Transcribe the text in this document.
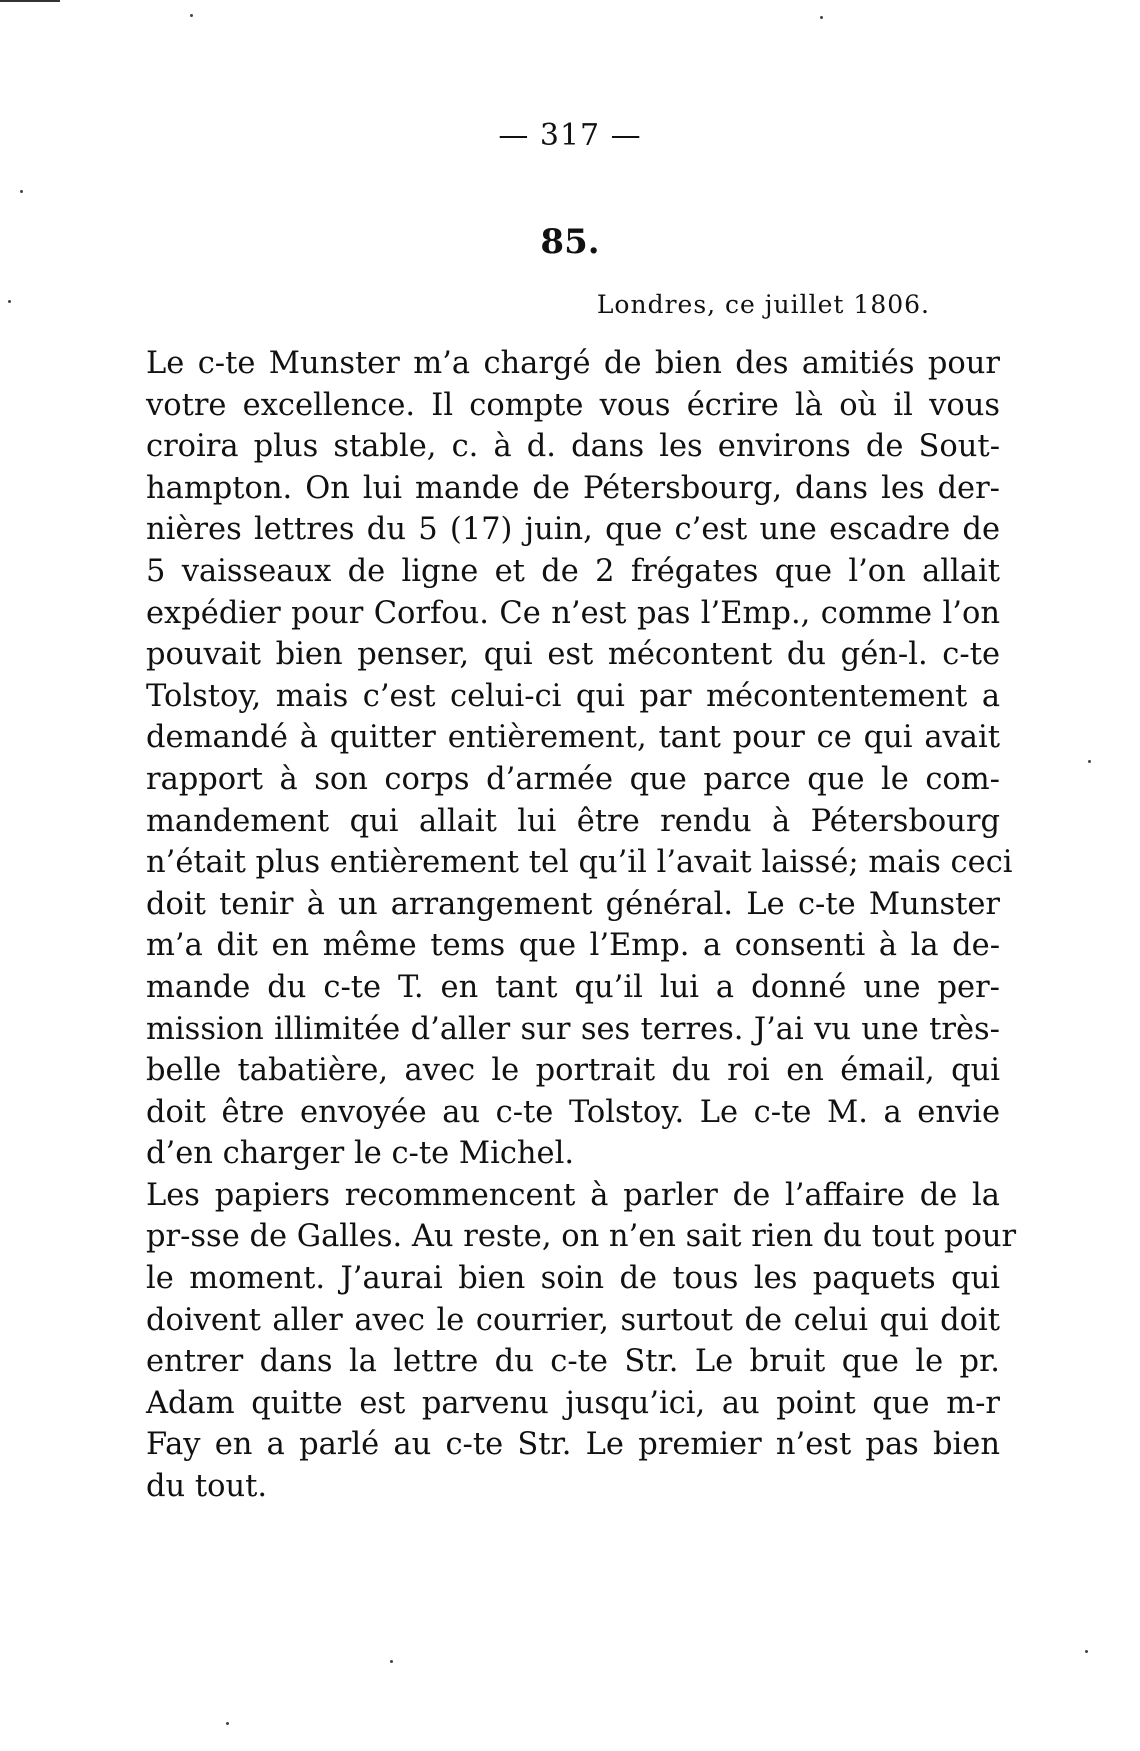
— 317 —
85.
Londres, ce juillet 1806.
Le c-te Munster m’a chargé de bien des amitiés pour
votre excellence. Il compte vous écrire là où il vous
croira plus stable, c. à d. dans les environs de Sout-
hampton. On lui mande de Pétersbourg, dans les der-
nières lettres du 5 (17) juin, que c’est une escadre de
5 vaisseaux de ligne et de 2 frégates que l’on allait
expédier pour Corfou. Ce n’est pas l’Emp., comme l’on
pouvait bien penser, qui est mécontent du gén-l. c-te
Tolstoy, mais c’est celui-ci qui par mécontentement a
demandé à quitter entièrement, tant pour ce qui avait
rapport à son corps d’armée que parce que le com-
mandement qui allait lui être rendu à Pétersbourg
n’était plus entièrement tel qu’il l’avait laissé; mais ceci
doit tenir à un arrangement général. Le c-te Munster
m’a dit en même tems que l’Emp. a consenti à la de-
mande du c-te T. en tant qu’il lui a donné une per-
mission illimitée d’aller sur ses terres. J’ai vu une très-
belle tabatière, avec le portrait du roi en émail, qui
doit être envoyée au c-te Tolstoy. Le c-te M. a envie
d’en charger le c-te Michel.
Les papiers recommencent à parler de l’affaire de la
pr-sse de Galles. Au reste, on n’en sait rien du tout pour
le moment. J’aurai bien soin de tous les paquets qui
doivent aller avec le courrier, surtout de celui qui doit
entrer dans la lettre du c-te Str. Le bruit que le pr.
Adam quitte est parvenu jusqu’ici, au point que m-r
Fay en a parlé au c-te Str. Le premier n’est pas bien
du tout.
